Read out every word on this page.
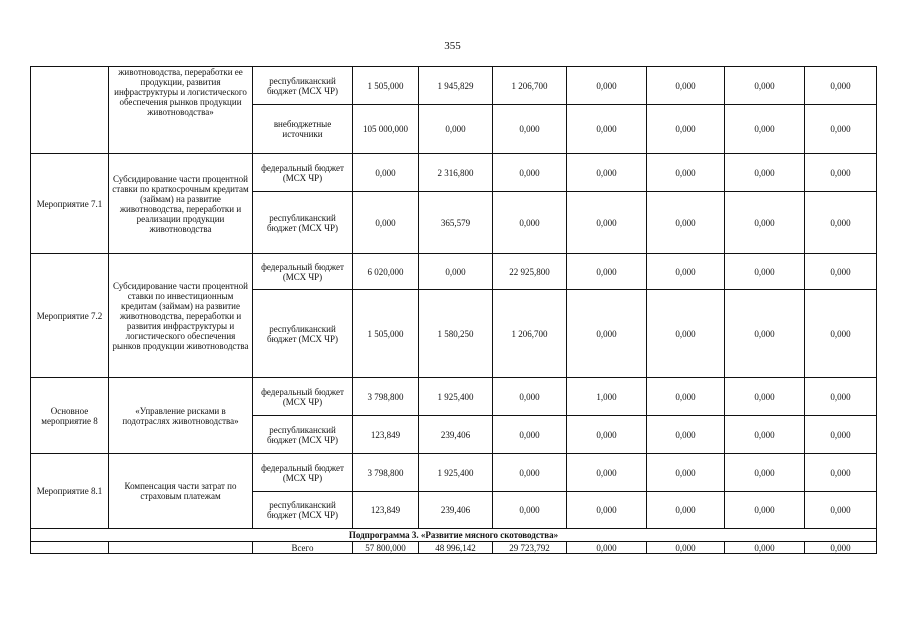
355
	животноводства, переработки ее продукции, развития инфраструктуры и логистического обеспечения рынков продукции животноводства»	республиканский бюджет (МСХ ЧР)	1 505,000	1 945,829	1 206,700	0,000	0,000	0,000	0,000
		внебюджетные источники	105 000,000	0,000	0,000	0,000	0,000	0,000	0,000
Мероприятие 7.1	Субсидирование части процентной ставки по краткосрочным кредитам (займам) на развитие животноводства, переработки и реализации продукции животноводства	федеральный бюджет (МСХ ЧР)	0,000	2 316,800	0,000	0,000	0,000	0,000	0,000
		республиканский бюджет (МСХ ЧР)	0,000	365,579	0,000	0,000	0,000	0,000	0,000
Мероприятие 7.2	Субсидирование части процентной ставки по инвестиционным кредитам (займам) на развитие животноводства, переработки и развития инфраструктуры и логистического обеспечения рынков продукции животноводства	федеральный бюджет (МСХ ЧР)	6 020,000	0,000	22 925,800	0,000	0,000	0,000	0,000
		республиканский бюджет (МСХ ЧР)	1 505,000	1 580,250	1 206,700	0,000	0,000	0,000	0,000
Основное мероприятие 8	«Управление рисками в подотраслях животноводства»	федеральный бюджет (МСХ ЧР)	3 798,800	1 925,400	0,000	1,000	0,000	0,000	0,000
		республиканский бюджет (МСХ ЧР)	123,849	239,406	0,000	0,000	0,000	0,000	0,000
Мероприятие 8.1	Компенсация части затрат по страховым платежам	федеральный бюджет (МСХ ЧР)	3 798,800	1 925,400	0,000	0,000	0,000	0,000	0,000
		республиканский бюджет (МСХ ЧР)	123,849	239,406	0,000	0,000	0,000	0,000	0,000
Подпрограмма 3. «Развитие мясного скотоводства»									
		Всего	57 800,000	48 996,142	29 723,792	0,000	0,000	0,000	0,000
